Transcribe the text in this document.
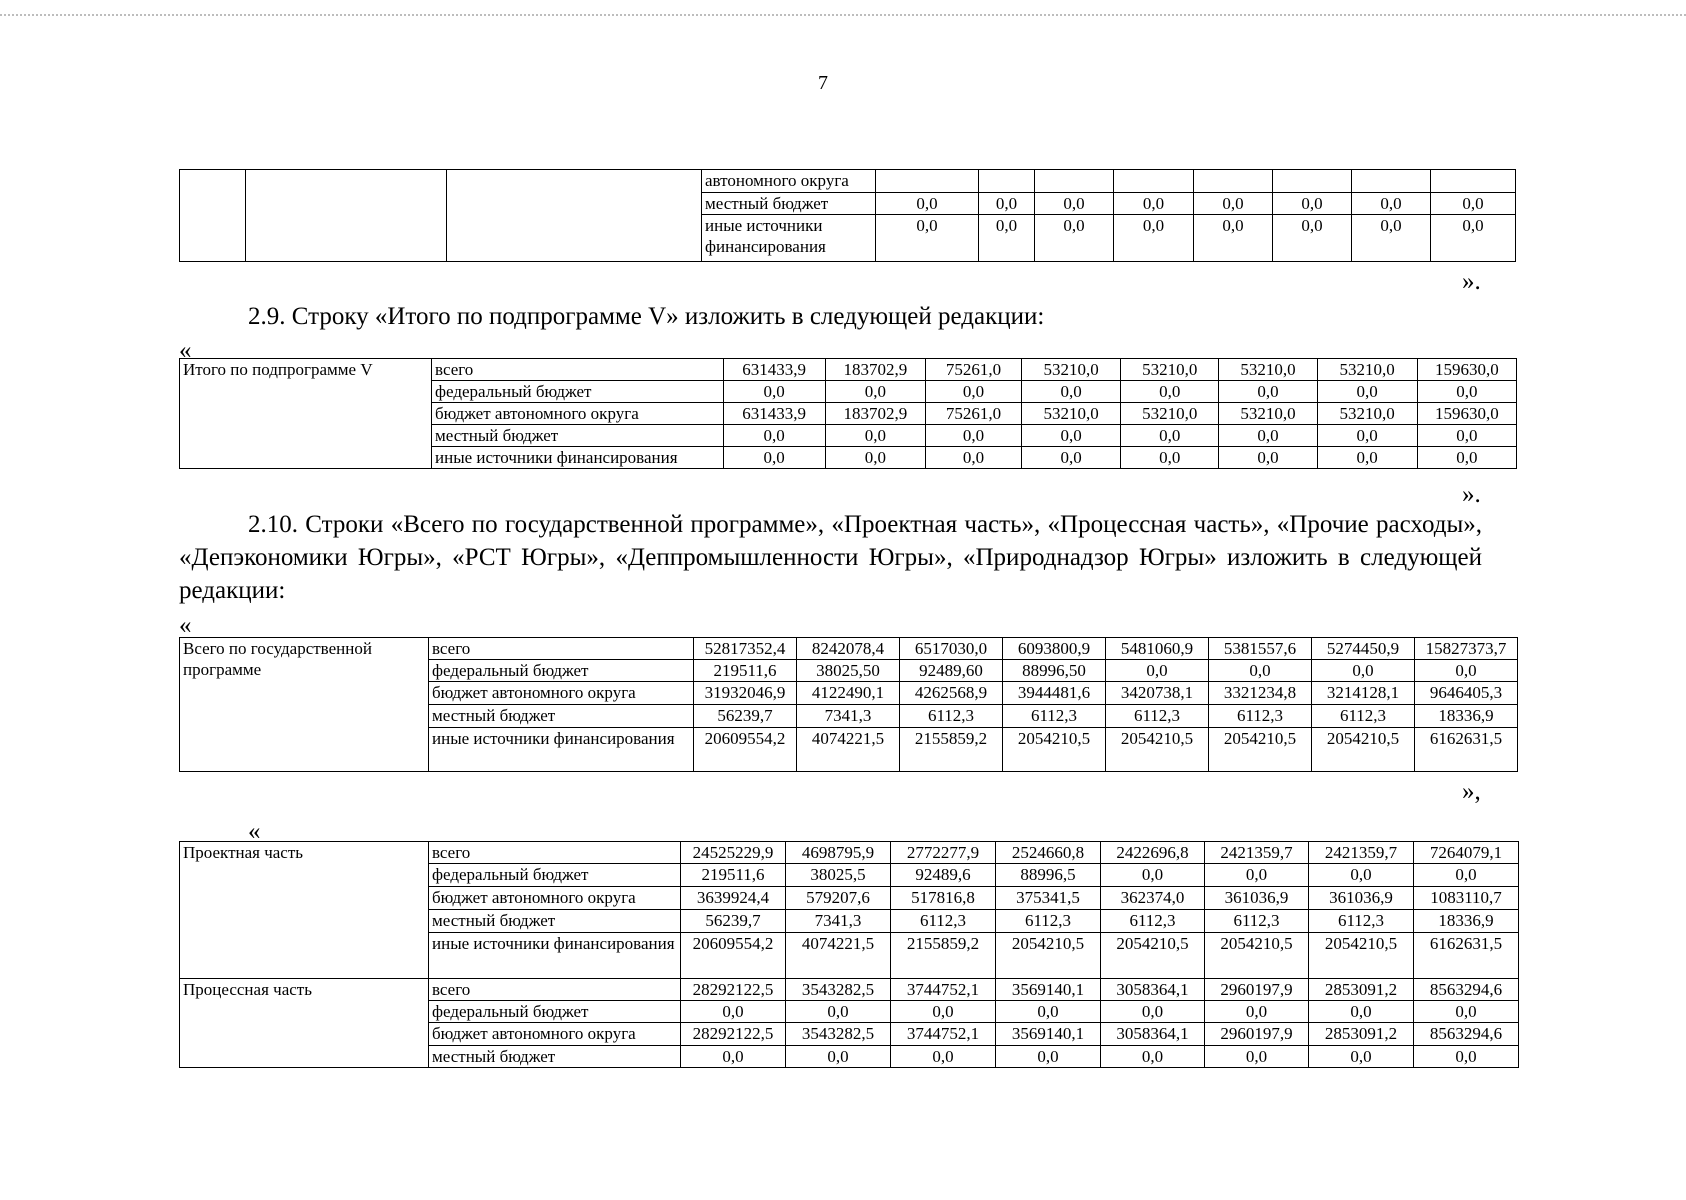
7
			автономного округа								
			местный бюджет	0,0	0,0	0,0	0,0	0,0	0,0	0,0	0,0
			иные источники финансирования	0,0	0,0	0,0	0,0	0,0	0,0	0,0	0,0
».
2.9. Строку «Итого по подпрограмме V» изложить в следующей редакции:
«
Итого по подпрограмме V	всего	631433,9	183702,9	75261,0	53210,0	53210,0	53210,0	53210,0	159630,0
	федеральный бюджет	0,0	0,0	0,0	0,0	0,0	0,0	0,0	0,0
	бюджет автономного округа	631433,9	183702,9	75261,0	53210,0	53210,0	53210,0	53210,0	159630,0
	местный бюджет	0,0	0,0	0,0	0,0	0,0	0,0	0,0	0,0
	иные источники финансирования	0,0	0,0	0,0	0,0	0,0	0,0	0,0	0,0
».
2.10. Строки «Всего по государственной программе», «Проектная часть», «Процессная часть», «Прочие расходы», «Депэкономики Югры», «РСТ Югры», «Деппромышленности Югры», «Природнадзор Югры» изложить в следующей редакции:
«
Всего по государственной программе	всего	52817352,4	8242078,4	6517030,0	6093800,9	5481060,9	5381557,6	5274450,9	15827373,7
	федеральный бюджет	219511,6	38025,50	92489,60	88996,50	0,0	0,0	0,0	0,0
	бюджет автономного округа	31932046,9	4122490,1	4262568,9	3944481,6	3420738,1	3321234,8	3214128,1	9646405,3
	местный бюджет	56239,7	7341,3	6112,3	6112,3	6112,3	6112,3	6112,3	18336,9
	иные источники финансирования	20609554,2	4074221,5	2155859,2	2054210,5	2054210,5	2054210,5	2054210,5	6162631,5
»,
«
Проектная часть	всего	24525229,9	4698795,9	2772277,9	2524660,8	2422696,8	2421359,7	2421359,7	7264079,1
	федеральный бюджет	219511,6	38025,5	92489,6	88996,5	0,0	0,0	0,0	0,0
	бюджет автономного округа	3639924,4	579207,6	517816,8	375341,5	362374,0	361036,9	361036,9	1083110,7
	местный бюджет	56239,7	7341,3	6112,3	6112,3	6112,3	6112,3	6112,3	18336,9
	иные источники финансирования	20609554,2	4074221,5	2155859,2	2054210,5	2054210,5	2054210,5	2054210,5	6162631,5
Процессная часть	всего	28292122,5	3543282,5	3744752,1	3569140,1	3058364,1	2960197,9	2853091,2	8563294,6
	федеральный бюджет	0,0	0,0	0,0	0,0	0,0	0,0	0,0	0,0
	бюджет автономного округа	28292122,5	3543282,5	3744752,1	3569140,1	3058364,1	2960197,9	2853091,2	8563294,6
	местный бюджет	0,0	0,0	0,0	0,0	0,0	0,0	0,0	0,0
